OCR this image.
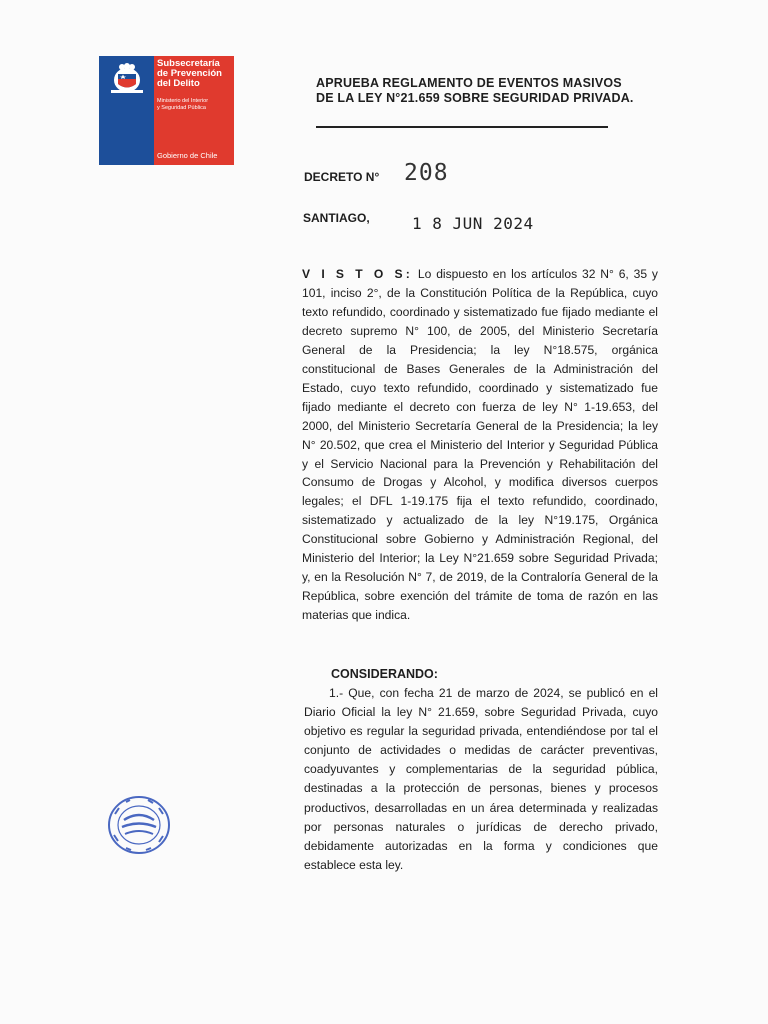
Subsecretaría
de Prevención
del Delito
Ministerio del Interior
y Seguridad Pública
Gobierno de Chile
APRUEBA REGLAMENTO DE EVENTOS MASIVOS
DE LA LEY N°21.659 SOBRE SEGURIDAD PRIVADA.
DECRETO N° 208
SANTIAGO,	1 8 JUN 2024
V I S T O S: Lo dispuesto en los artículos 32 N° 6, 35 y 101, inciso 2°, de la Constitución Política de la República, cuyo texto refundido, coordinado y sistematizado fue fijado mediante el decreto supremo N° 100, de 2005, del Ministerio Secretaría General de la Presidencia; la ley N°18.575, orgánica constitucional de Bases Generales de la Administración del Estado, cuyo texto refundido, coordinado y sistematizado fue fijado mediante el decreto con fuerza de ley N° 1-19.653, del 2000, del Ministerio Secretaría General de la Presidencia; la ley N° 20.502, que crea el Ministerio del Interior y Seguridad Pública y el Servicio Nacional para la Prevención y Rehabilitación del Consumo de Drogas y Alcohol, y modifica diversos cuerpos legales; el DFL 1-19.175 fija el texto refundido, coordinado, sistematizado y actualizado de la ley N°19.175, Orgánica Constitucional sobre Gobierno y Administración Regional, del Ministerio del Interior; la Ley N°21.659 sobre Seguridad Privada; y, en la Resolución N° 7, de 2019, de la Contraloría General de la República, sobre exención del trámite de toma de razón en las materias que indica.
CONSIDERANDO:
1.- Que, con fecha 21 de marzo de 2024, se publicó en el Diario Oficial la ley N° 21.659, sobre Seguridad Privada, cuyo objetivo es regular la seguridad privada, entendiéndose por tal el conjunto de actividades o medidas de carácter preventivas, coadyuvantes y complementarias de la seguridad pública, destinadas a la protección de personas, bienes y procesos productivos, desarrolladas en un área determinada y realizadas por personas naturales o jurídicas de derecho privado, debidamente autorizadas en la forma y condiciones que establece esta ley.
